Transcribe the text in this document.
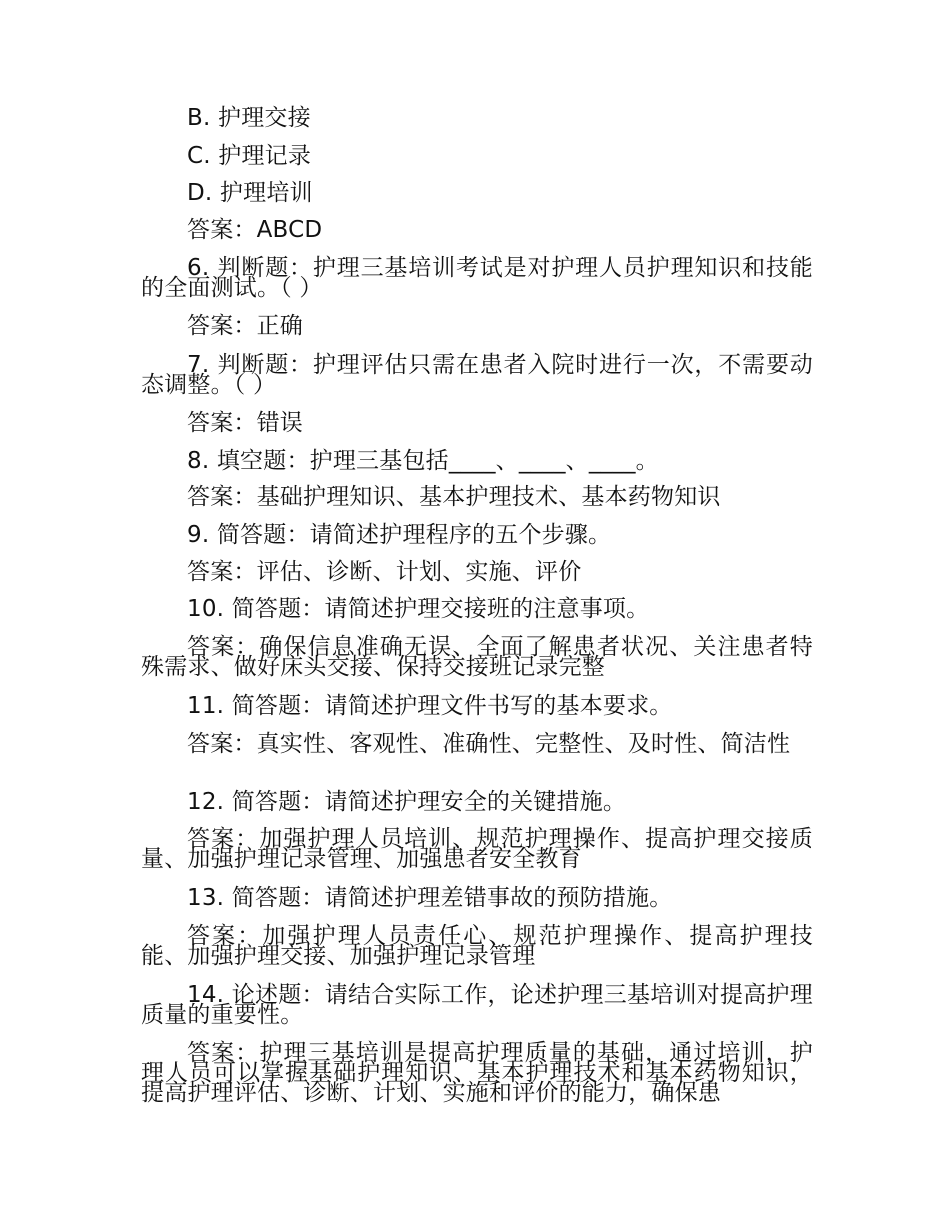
B. 护理交接

C. 护理记录

D. 护理培训

答案：ABCD

6. 判断题：护理三基培训考试是对护理人员护理知识和技能的全面测试。（ ）

答案：正确

7. 判断题：护理评估只需在患者入院时进行一次，不需要动态调整。（ ）

答案：错误

8. 填空题：护理三基包括____、____、____。

答案：基础护理知识、基本护理技术、基本药物知识

9. 简答题：请简述护理程序的五个步骤。

答案：评估、诊断、计划、实施、评价

10. 简答题：请简述护理交接班的注意事项。

答案：确保信息准确无误、全面了解患者状况、关注患者特殊需求、做好床头交接、保持交接班记录完整

11. 简答题：请简述护理文件书写的基本要求。

答案：真实性、客观性、准确性、完整性、及时性、简洁性

12. 简答题：请简述护理安全的关键措施。

答案：加强护理人员培训、规范护理操作、提高护理交接质量、加强护理记录管理、加强患者安全教育

13. 简答题：请简述护理差错事故的预防措施。

答案：加强护理人员责任心、规范护理操作、提高护理技能、加强护理交接、加强护理记录管理

14. 论述题：请结合实际工作，论述护理三基培训对提高护理质量的重要性。

答案：护理三基培训是提高护理质量的基础，通过培训，护理人员可以掌握基础护理知识、基本护理技术和基本药物知识，提高护理评估、诊断、计划、实施和评价的能力，确保患
